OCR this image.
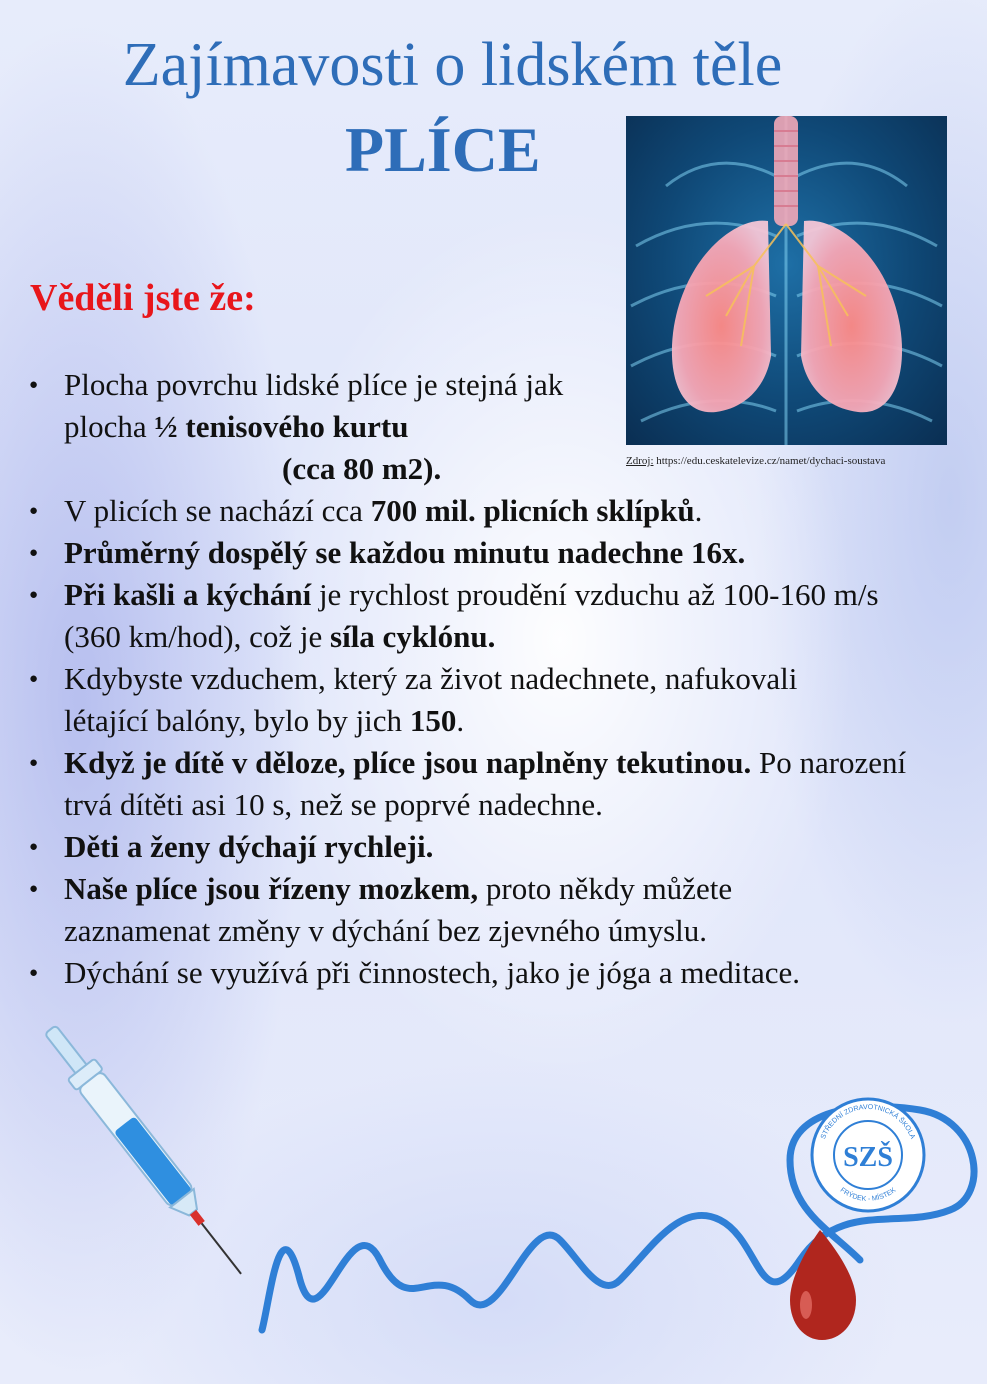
Zajímavosti o lidském těle
PLÍCE
Zdroj: https://edu.ceskatelevize.cz/namet/dychaci-soustava
Věděli jste že:
● Plocha povrchu lidské plíce je stejná jak plocha ½ tenisového kurtu
(cca 80 m2).
● V plicích se nachází cca 700 mil. plicních sklípků.
● Průměrný dospělý se každou minutu nadechne 16x.
● Při kašli a kýchání je rychlost proudění vzduchu až 100-160 m/s (360 km/hod), což je síla cyklónu.
● Kdybyste vzduchem, který za život nadechnete, nafukovali létající balóny, bylo by jich 150.
● Když je dítě v děloze, plíce jsou naplněny tekutinou. Po narození trvá dítěti asi 10 s, než se poprvé nadechne.
● Děti a ženy dýchají rychleji.
● Naše plíce jsou řízeny mozkem, proto někdy můžete zaznamenat změny v dýchání bez zjevného úmyslu.
● Dýchání se využívá při činnostech, jako je jóga a meditace.
SZŠ
STŘEDNÍ ZDRAVOTNICKÁ ŠKOLA
FRÝDEK - MÍSTEK
